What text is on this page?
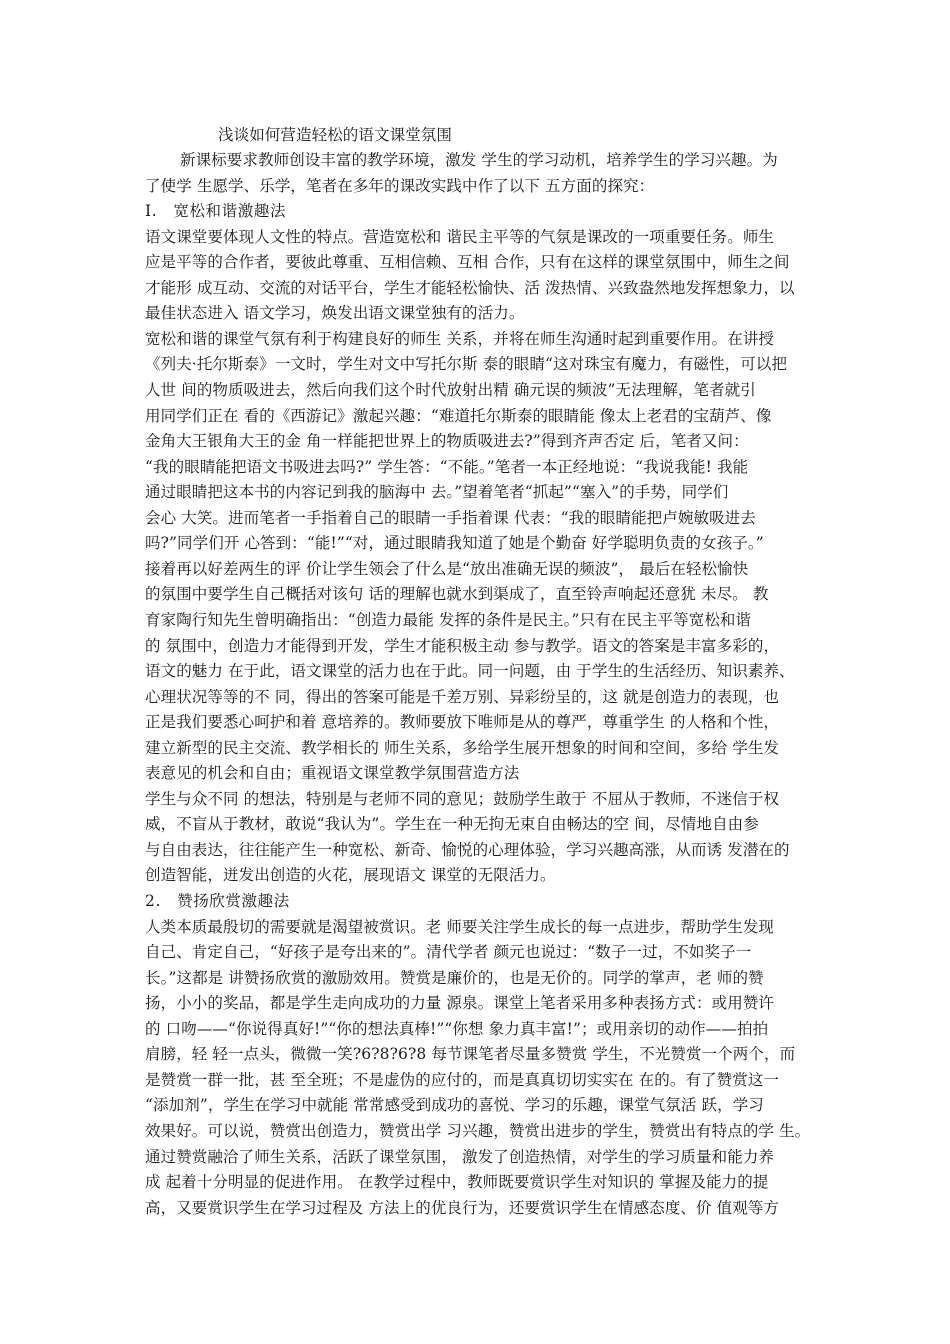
浅谈如何营造轻松的语文课堂氛围
新课标要求教师创设丰富的教学环境，激发 学生的学习动机，培养学生的学习兴趣。为
了使学 生愿学、乐学，笔者在多年的课改实践中作了以下 五方面的探究：
I.　宽松和谐激趣法
语文课堂要体现人文性的特点。营造宽松和 谐民主平等的气氛是课改的一项重要任务。师生
应是平等的合作者，要彼此尊重、互相信赖、互相 合作，只有在这样的课堂氛围中，师生之间
才能形 成互动、交流的对话平台，学生才能轻松愉快、活 泼热情、兴致盎然地发挥想象力，以
最佳状态进入 语文学习，焕发出语文课堂独有的活力。
宽松和谐的课堂气氛有利于构建良好的师生 关系，并将在师生沟通时起到重要作用。在讲授
《列夫·托尔斯泰》一文时，学生对文中写托尔斯 泰的眼睛“这对珠宝有魔力，有磁性，可以把
人世 间的物质吸进去，然后向我们这个时代放射出精 确元误的频波”无法理解，笔者就引
用同学们正在 看的《西游记》激起兴趣：“难道托尔斯泰的眼睛能 像太上老君的宝葫芦、像
金角大王银角大王的金 角一样能把世界上的物质吸进去?”得到齐声否定 后，笔者又问：
“我的眼睛能把语文书吸进去吗?” 学生答：“不能。”笔者一本正经地说：“我说我能! 我能
通过眼睛把这本书的内容记到我的脑海中 去。”望着笔者“抓起”“塞入”的手势，同学们
会心 大笑。进而笔者一手指着自己的眼睛一手指着课 代表：“我的眼睛能把卢婉敏吸进去
吗?”同学们开 心答到：“能!”“对，通过眼睛我知道了她是个勤奋 好学聪明负责的女孩子。”
接着再以好差两生的评 价让学生领会了什么是“放出准确无误的频波”， 最后在轻松愉快
的氛围中要学生自己概括对该句 话的理解也就水到渠成了，直至铃声响起还意犹 未尽。 教
育家陶行知先生曾明确指出：“创造力最能 发挥的条件是民主。”只有在民主平等宽松和谐
的 氛围中，创造力才能得到开发，学生才能积极主动 参与教学。语文的答案是丰富多彩的，
语文的魅力 在于此，语文课堂的活力也在于此。同一问题，由 于学生的生活经历、知识素养、
心理状况等等的不 同，得出的答案可能是千差万别、异彩纷呈的，这 就是创造力的表现，也
正是我们要悉心呵护和着 意培养的。教师要放下唯师是从的尊严，尊重学生 的人格和个性，
建立新型的民主交流、教学相长的 师生关系，多给学生展开想象的时间和空间，多给 学生发
表意见的机会和自由；重视语文课堂教学氛围营造方法
学生与众不同 的想法，特别是与老师不同的意见；鼓励学生敢于 不屈从于教师，不迷信于权
威，不盲从于教材，敢说“我认为”。学生在一种无拘无束自由畅达的空 间，尽情地自由参
与自由表达，往往能产生一种宽松、新奇、愉悦的心理体验，学习兴趣高涨，从而诱 发潜在的
创造智能，迸发出创造的火花，展现语文 课堂的无限活力。
2.　赞扬欣赏激趣法
人类本质最殷切的需要就是渴望被赏识。老 师要关注学生成长的每一点进步，帮助学生发现
自己、肯定自己，“好孩子是夸出来的”。清代学者 颜元也说过：“数子一过，不如奖子一
长。”这都是 讲赞扬欣赏的激励效用。赞赏是廉价的，也是无价的。同学的掌声，老 师的赞
扬，小小的奖品，都是学生走向成功的力量 源泉。课堂上笔者采用多种表扬方式：或用赞许
的 口吻——“你说得真好!”“你的想法真棒!”“你想 象力真丰富!”；或用亲切的动作——拍拍
肩膀，轻 轻一点头，微微一笑?6?8?6?8 每节课笔者尽量多赞赏 学生，不光赞赏一个两个，而
是赞赏一群一批，甚 至全班；不是虚伪的应付的，而是真真切切实实在 在的。有了赞赏这一
“添加剂”，学生在学习中就能 常常感受到成功的喜悦、学习的乐趣，课堂气氛活 跃，学习
效果好。可以说，赞赏出创造力，赞赏出学 习兴趣，赞赏出进步的学生，赞赏出有特点的学 生。
通过赞赏融洽了师生关系，活跃了课堂氛围， 激发了创造热情，对学生的学习质量和能力养
成 起着十分明显的促进作用。 在教学过程中，教师既要赏识学生对知识的 掌握及能力的提
高，又要赏识学生在学习过程及 方法上的优良行为，还要赏识学生在情感态度、价 值观等方
